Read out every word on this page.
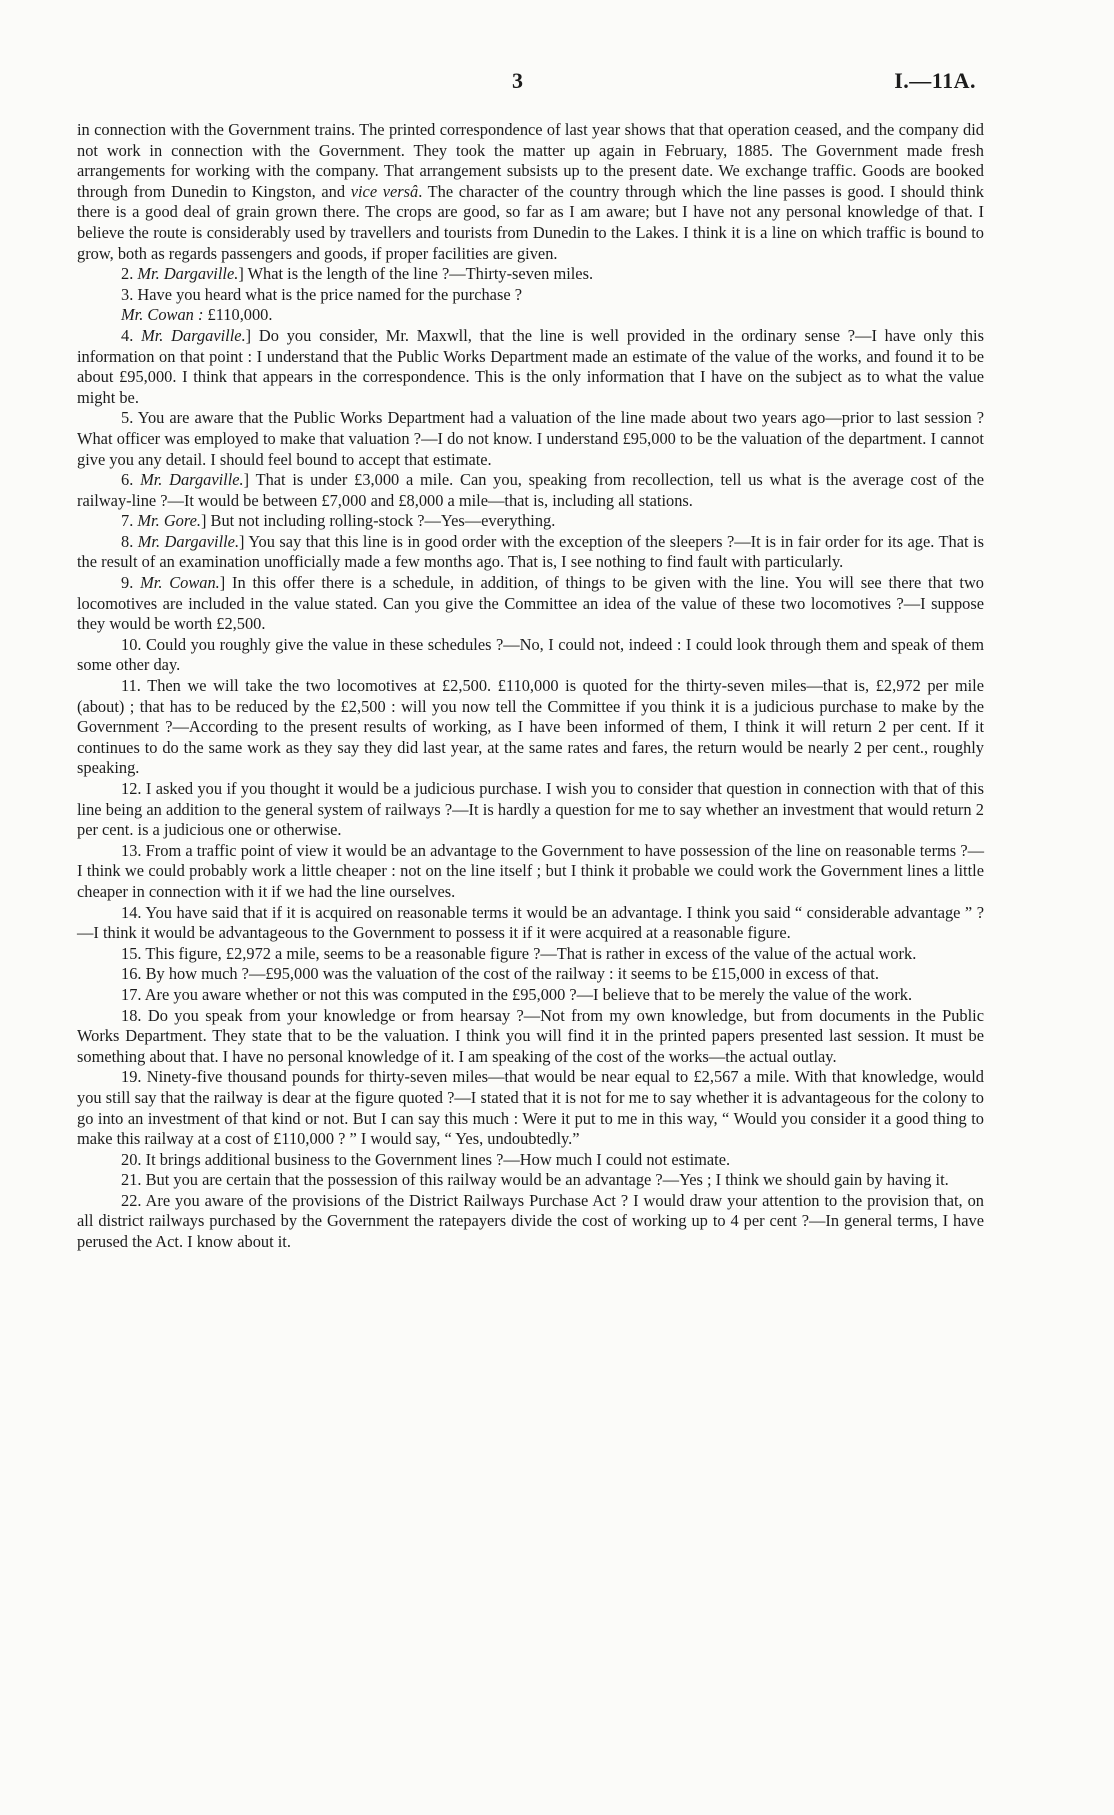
3	I.—11A.

in connection with the Government trains. The printed correspondence of last year shows that that operation ceased, and the company did not work in connection with the Government. They took the matter up again in February, 1885. The Government made fresh arrangements for working with the company. That arrangement subsists up to the present date. We exchange traffic. Goods are booked through from Dunedin to Kingston, and vice versâ. The character of the country through which the line passes is good. I should think there is a good deal of grain grown there. The crops are good, so far as I am aware; but I have not any personal knowledge of that. I believe the route is considerably used by travellers and tourists from Dunedin to the Lakes. I think it is a line on which traffic is bound to grow, both as regards passengers and goods, if proper facilities are given.

2. Mr. Dargaville.] What is the length of the line ?—Thirty-seven miles.

3. Have you heard what is the price named for the purchase ?

Mr. Cowan : £110,000.

4. Mr. Dargaville.] Do you consider, Mr. Maxwll, that the line is well provided in the ordinary sense ?—I have only this information on that point : I understand that the Public Works Department made an estimate of the value of the works, and found it to be about £95,000. I think that appears in the correspondence. This is the only information that I have on the subject as to what the value might be.

5. You are aware that the Public Works Department had a valuation of the line made about two years ago—prior to last session ? What officer was employed to make that valuation ?—I do not know. I understand £95,000 to be the valuation of the department. I cannot give you any detail. I should feel bound to accept that estimate.

6. Mr. Dargaville.] That is under £3,000 a mile. Can you, speaking from recollection, tell us what is the average cost of the railway-line ?—It would be between £7,000 and £8,000 a mile—that is, including all stations.

7. Mr. Gore.] But not including rolling-stock ?—Yes—everything.

8. Mr. Dargaville.] You say that this line is in good order with the exception of the sleepers ?—It is in fair order for its age. That is the result of an examination unofficially made a few months ago. That is, I see nothing to find fault with particularly.

9. Mr. Cowan.] In this offer there is a schedule, in addition, of things to be given with the line. You will see there that two locomotives are included in the value stated. Can you give the Committee an idea of the value of these two locomotives ?—I suppose they would be worth £2,500.

10. Could you roughly give the value in these schedules ?—No, I could not, indeed : I could look through them and speak of them some other day.

11. Then we will take the two locomotives at £2,500. £110,000 is quoted for the thirty-seven miles—that is, £2,972 per mile (about) ; that has to be reduced by the £2,500 : will you now tell the Committee if you think it is a judicious purchase to make by the Government ?—According to the present results of working, as I have been informed of them, I think it will return 2 per cent. If it continues to do the same work as they say they did last year, at the same rates and fares, the return would be nearly 2 per cent., roughly speaking.

12. I asked you if you thought it would be a judicious purchase. I wish you to consider that question in connection with that of this line being an addition to the general system of railways ?—It is hardly a question for me to say whether an investment that would return 2 per cent. is a judicious one or otherwise.

13. From a traffic point of view it would be an advantage to the Government to have possession of the line on reasonable terms ?—I think we could probably work a little cheaper : not on the line itself ; but I think it probable we could work the Government lines a little cheaper in connection with it if we had the line ourselves.

14. You have said that if it is acquired on reasonable terms it would be an advantage. I think you said “ considerable advantage ” ?—I think it would be advantageous to the Government to possess it if it were acquired at a reasonable figure.

15. This figure, £2,972 a mile, seems to be a reasonable figure ?—That is rather in excess of the value of the actual work.

16. By how much ?—£95,000 was the valuation of the cost of the railway : it seems to be £15,000 in excess of that.

17. Are you aware whether or not this was computed in the £95,000 ?—I believe that to be merely the value of the work.

18. Do you speak from your knowledge or from hearsay ?—Not from my own knowledge, but from documents in the Public Works Department. They state that to be the valuation. I think you will find it in the printed papers presented last session. It must be something about that. I have no personal knowledge of it. I am speaking of the cost of the works—the actual outlay.

19. Ninety-five thousand pounds for thirty-seven miles—that would be near equal to £2,567 a mile. With that knowledge, would you still say that the railway is dear at the figure quoted ?—I stated that it is not for me to say whether it is advantageous for the colony to go into an investment of that kind or not. But I can say this much : Were it put to me in this way, “ Would you consider it a good thing to make this railway at a cost of £110,000 ? ” I would say, “ Yes, undoubtedly.”

20. It brings additional business to the Government lines ?—How much I could not estimate.

21. But you are certain that the possession of this railway would be an advantage ?—Yes ; I think we should gain by having it.

22. Are you aware of the provisions of the District Railways Purchase Act ? I would draw your attention to the provision that, on all district railways purchased by the Government the ratepayers divide the cost of working up to 4 per cent ?—In general terms, I have perused the Act. I know about it.
